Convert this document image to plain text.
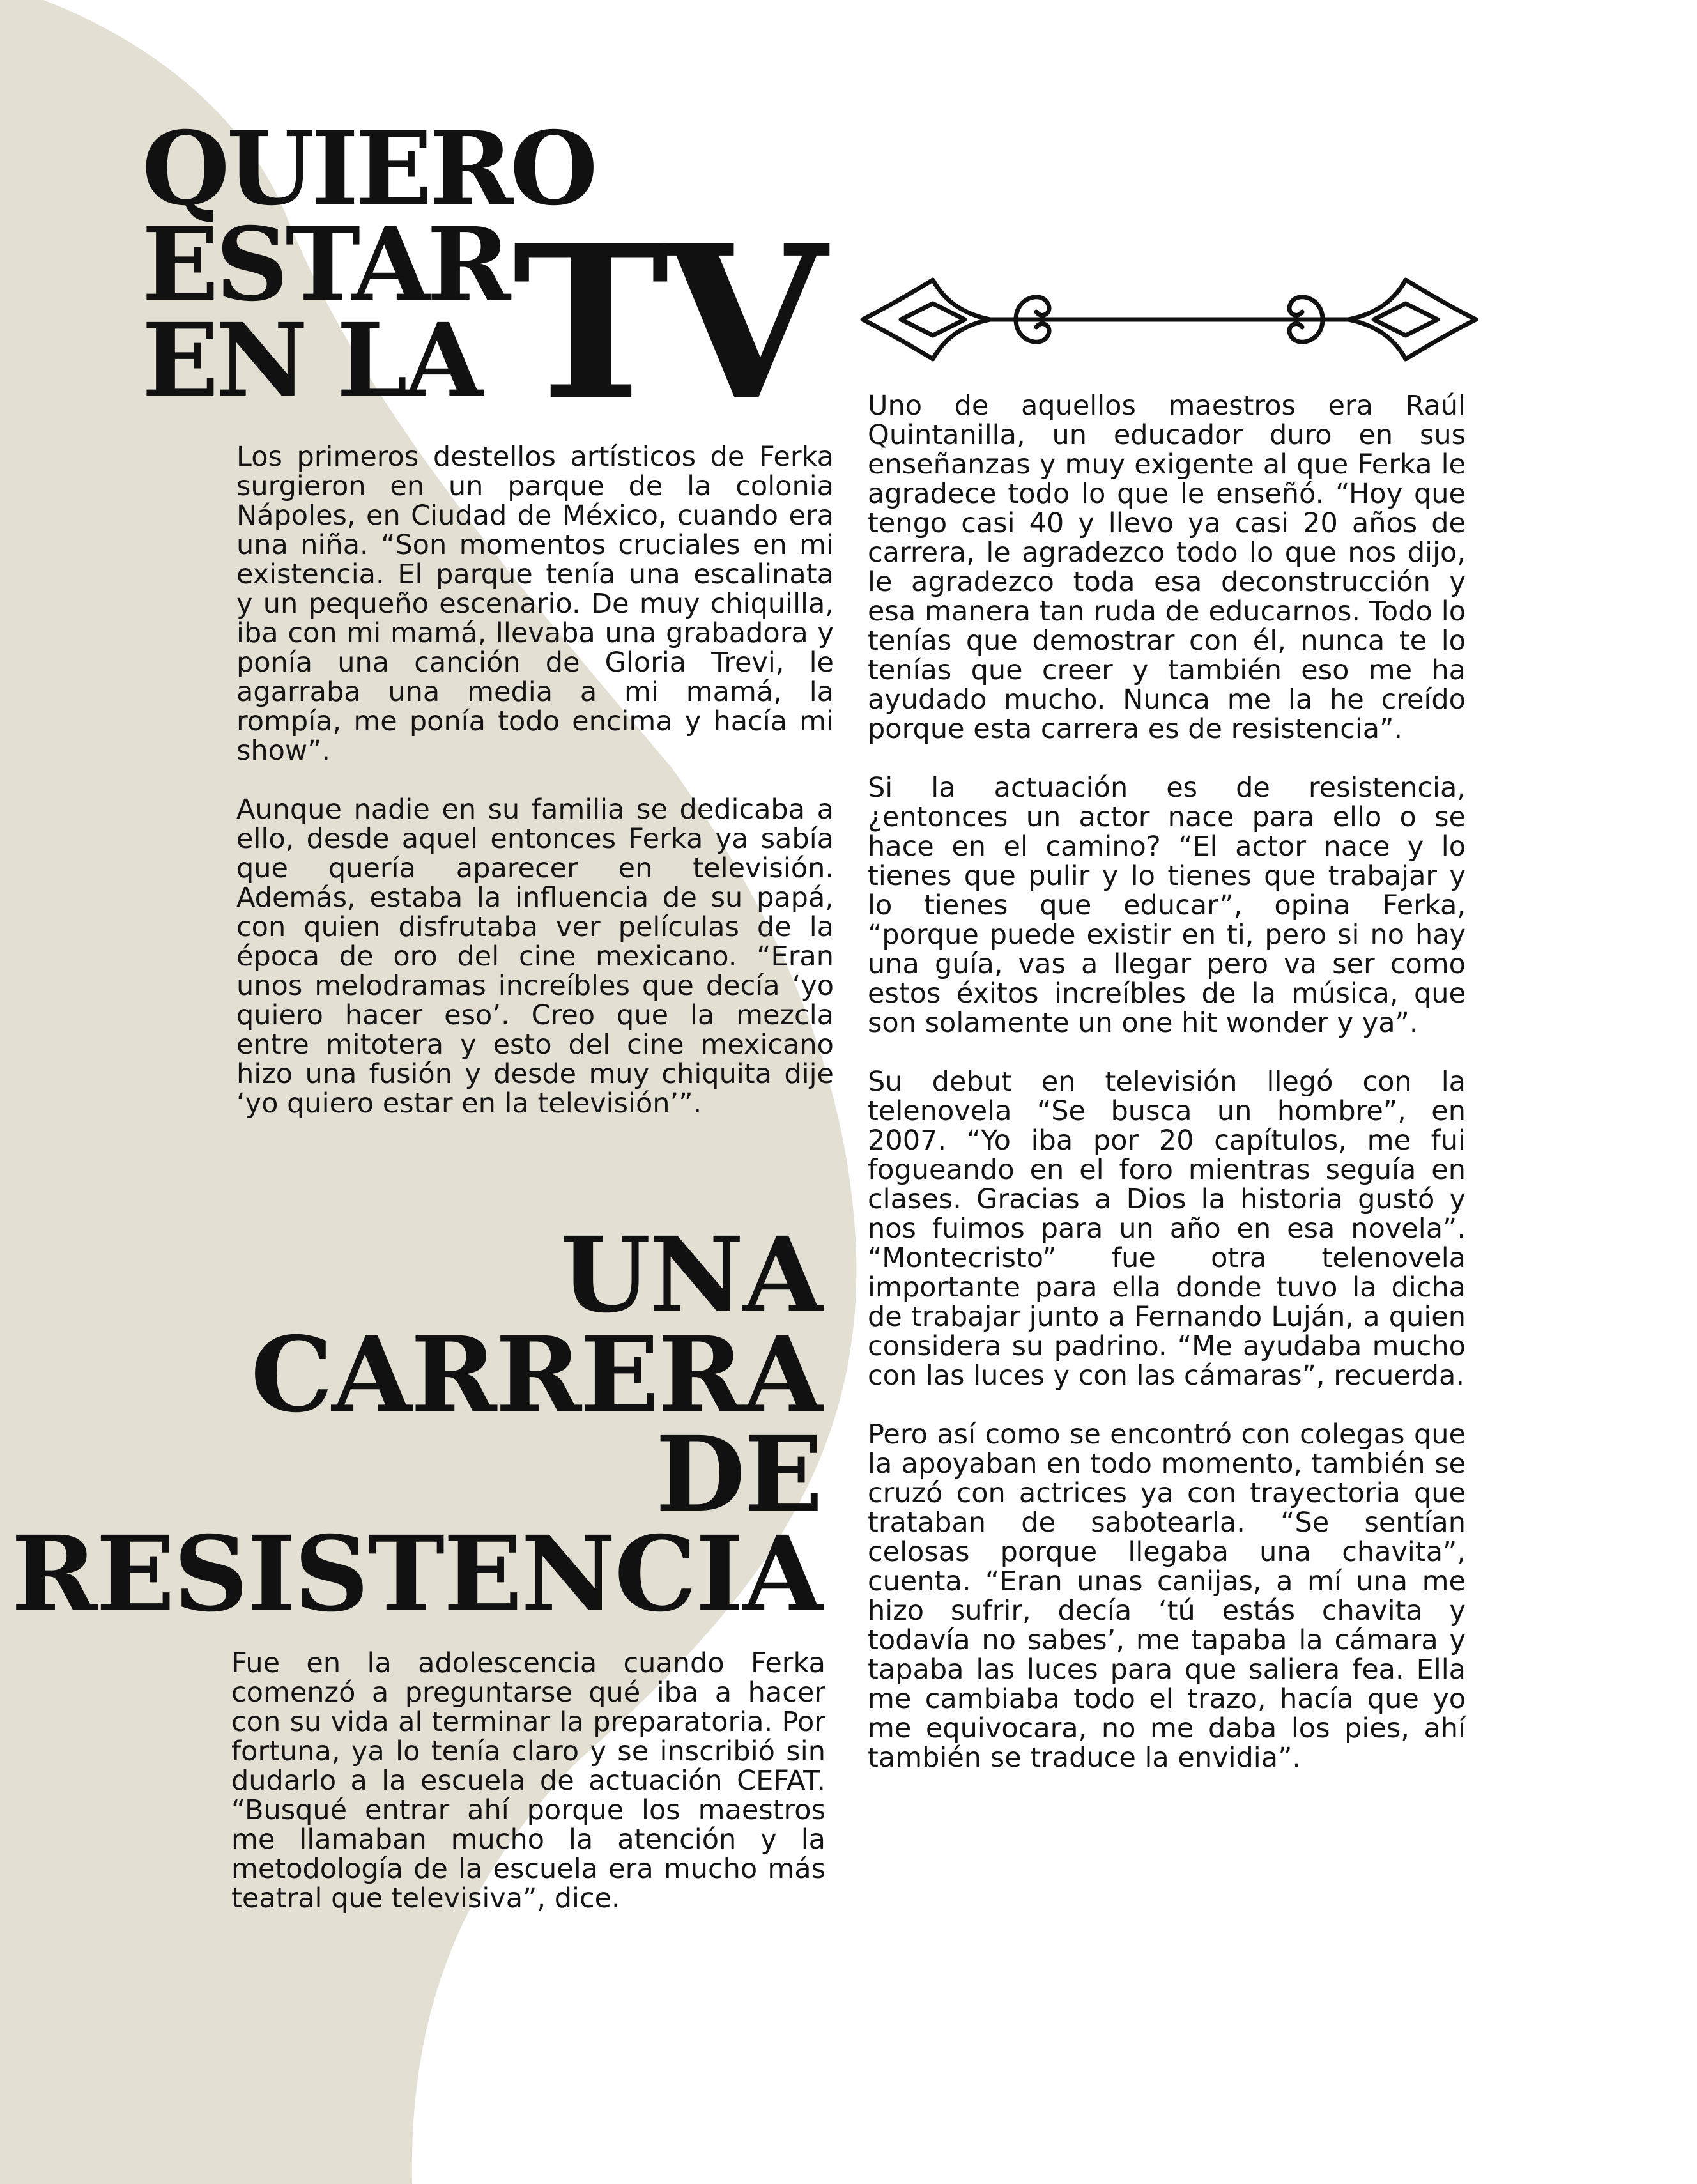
QUIERO
ESTAR
EN LA TV

Los primeros destellos artísticos de Ferka surgieron en un parque de la colonia Nápoles, en Ciudad de México, cuando era una niña. “Son momentos cruciales en mi existencia. El parque tenía una escalinata y un pequeño escenario. De muy chiquilla, iba con mi mamá, llevaba una grabadora y ponía una canción de Gloria Trevi, le agarraba una media a mi mamá, la rompía, me ponía todo encima y hacía mi show”.

Aunque nadie en su familia se dedicaba a ello, desde aquel entonces Ferka ya sabía que quería aparecer en televisión. Además, estaba la influencia de su papá, con quien disfrutaba ver películas de la época de oro del cine mexicano. “Eran unos melodramas increíbles que decía ‘yo quiero hacer eso’. Creo que la mezcla entre mitotera y esto del cine mexicano hizo una fusión y desde muy chiquita dije ‘yo quiero estar en la televisión’”.

UNA
CARRERA
DE
RESISTENCIA

Fue en la adolescencia cuando Ferka comenzó a preguntarse qué iba a hacer con su vida al terminar la preparatoria. Por fortuna, ya lo tenía claro y se inscribió sin dudarlo a la escuela de actuación CEFAT. “Busqué entrar ahí porque los maestros me llamaban mucho la atención y la metodología de la escuela era mucho más teatral que televisiva”, dice.

Uno de aquellos maestros era Raúl Quintanilla, un educador duro en sus enseñanzas y muy exigente al que Ferka le agradece todo lo que le enseñó. “Hoy que tengo casi 40 y llevo ya casi 20 años de carrera, le agradezco todo lo que nos dijo, le agradezco toda esa deconstrucción y esa manera tan ruda de educarnos. Todo lo tenías que demostrar con él, nunca te lo tenías que creer y también eso me ha ayudado mucho. Nunca me la he creído porque esta carrera es de resistencia”.

Si la actuación es de resistencia, ¿entonces un actor nace para ello o se hace en el camino? “El actor nace y lo tienes que pulir y lo tienes que trabajar y lo tienes que educar”, opina Ferka, “porque puede existir en ti, pero si no hay una guía, vas a llegar pero va ser como estos éxitos increíbles de la música, que son solamente un one hit wonder y ya”.

Su debut en televisión llegó con la telenovela “Se busca un hombre”, en 2007. “Yo iba por 20 capítulos, me fui fogueando en el foro mientras seguía en clases. Gracias a Dios la historia gustó y nos fuimos para un año en esa novela”. “Montecristo” fue otra telenovela importante para ella donde tuvo la dicha de trabajar junto a Fernando Luján, a quien considera su padrino. “Me ayudaba mucho con las luces y con las cámaras”, recuerda.

Pero así como se encontró con colegas que la apoyaban en todo momento, también se cruzó con actrices ya con trayectoria que trataban de sabotearla. “Se sentían celosas porque llegaba una chavita”, cuenta. “Eran unas canijas, a mí una me hizo sufrir, decía ‘tú estás chavita y todavía no sabes’, me tapaba la cámara y tapaba las luces para que saliera fea. Ella me cambiaba todo el trazo, hacía que yo me equivocara, no me daba los pies, ahí también se traduce la envidia”.
